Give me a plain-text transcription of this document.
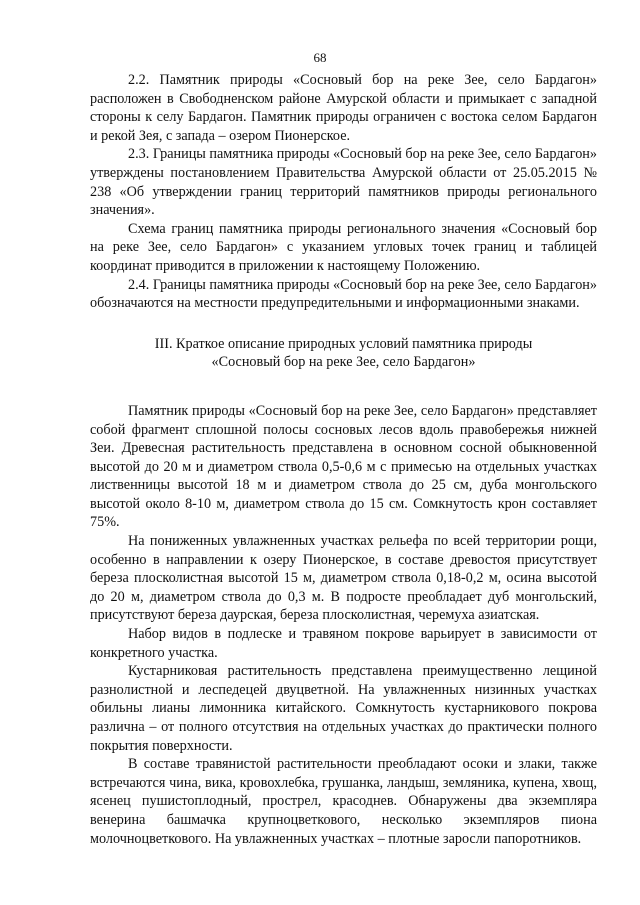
68

2.2. Памятник природы «Сосновый бор на реке Зее, село Бардагон» расположен в Свободненском районе Амурской области и примыкает с западной стороны к селу Бардагон. Памятник природы ограничен с востока селом Бардагон и рекой Зея, с запада – озером Пионерское.

2.3. Границы памятника природы «Сосновый бор на реке Зее, село Бардагон» утверждены постановлением Правительства Амурской области от 25.05.2015 № 238 «Об утверждении границ территорий памятников природы регионального значения».

Схема границ памятника природы регионального значения «Сосновый бор на реке Зее, село Бардагон» с указанием угловых точек границ и таблицей координат приводится в приложении к настоящему Положению.

2.4. Границы памятника природы «Сосновый бор на реке Зее, село Бардагон» обозначаются на местности предупредительными и информационными знаками.

III. Краткое описание природных условий памятника природы
«Сосновый бор на реке Зее, село Бардагон»

Памятник природы «Сосновый бор на реке Зее, село Бардагон» представляет собой фрагмент сплошной полосы сосновых лесов вдоль правобережья нижней Зеи. Древесная растительность представлена в основном сосной обыкновенной высотой до 20 м и диаметром ствола 0,5-0,6 м с примесью на отдельных участках лиственницы высотой 18 м и диаметром ствола до 25 см, дуба монгольского высотой около 8-10 м, диаметром ствола до 15 см. Сомкнутость крон составляет 75%.

На пониженных увлажненных участках рельефа по всей территории рощи, особенно в направлении к озеру Пионерское, в составе древостоя присутствует береза плосколистная высотой 15 м, диаметром ствола 0,18-0,2 м, осина высотой до 20 м, диаметром ствола до 0,3 м. В подросте преобладает дуб монгольский, присутствуют береза даурская, береза плосколистная, черемуха азиатская.

Набор видов в подлеске и травяном покрове варьирует в зависимости от конкретного участка.

Кустарниковая растительность представлена преимущественно лещиной разнолистной и леспедецей двуцветной. На увлажненных низинных участках обильны лианы лимонника китайского. Сомкнутость кустарникового покрова различна – от полного отсутствия на отдельных участках до практически полного покрытия поверхности.

В составе травянистой растительности преобладают осоки и злаки, также встречаются чина, вика, кровохлебка, грушанка, ландыш, земляника, купена, хвощ, ясенец пушистоплодный, прострел, красоднев. Обнаружены два экземпляра венерина башмачка крупноцветкового, несколько экземпляров пиона молочноцветкового. На увлажненных участках – плотные заросли папоротников.
